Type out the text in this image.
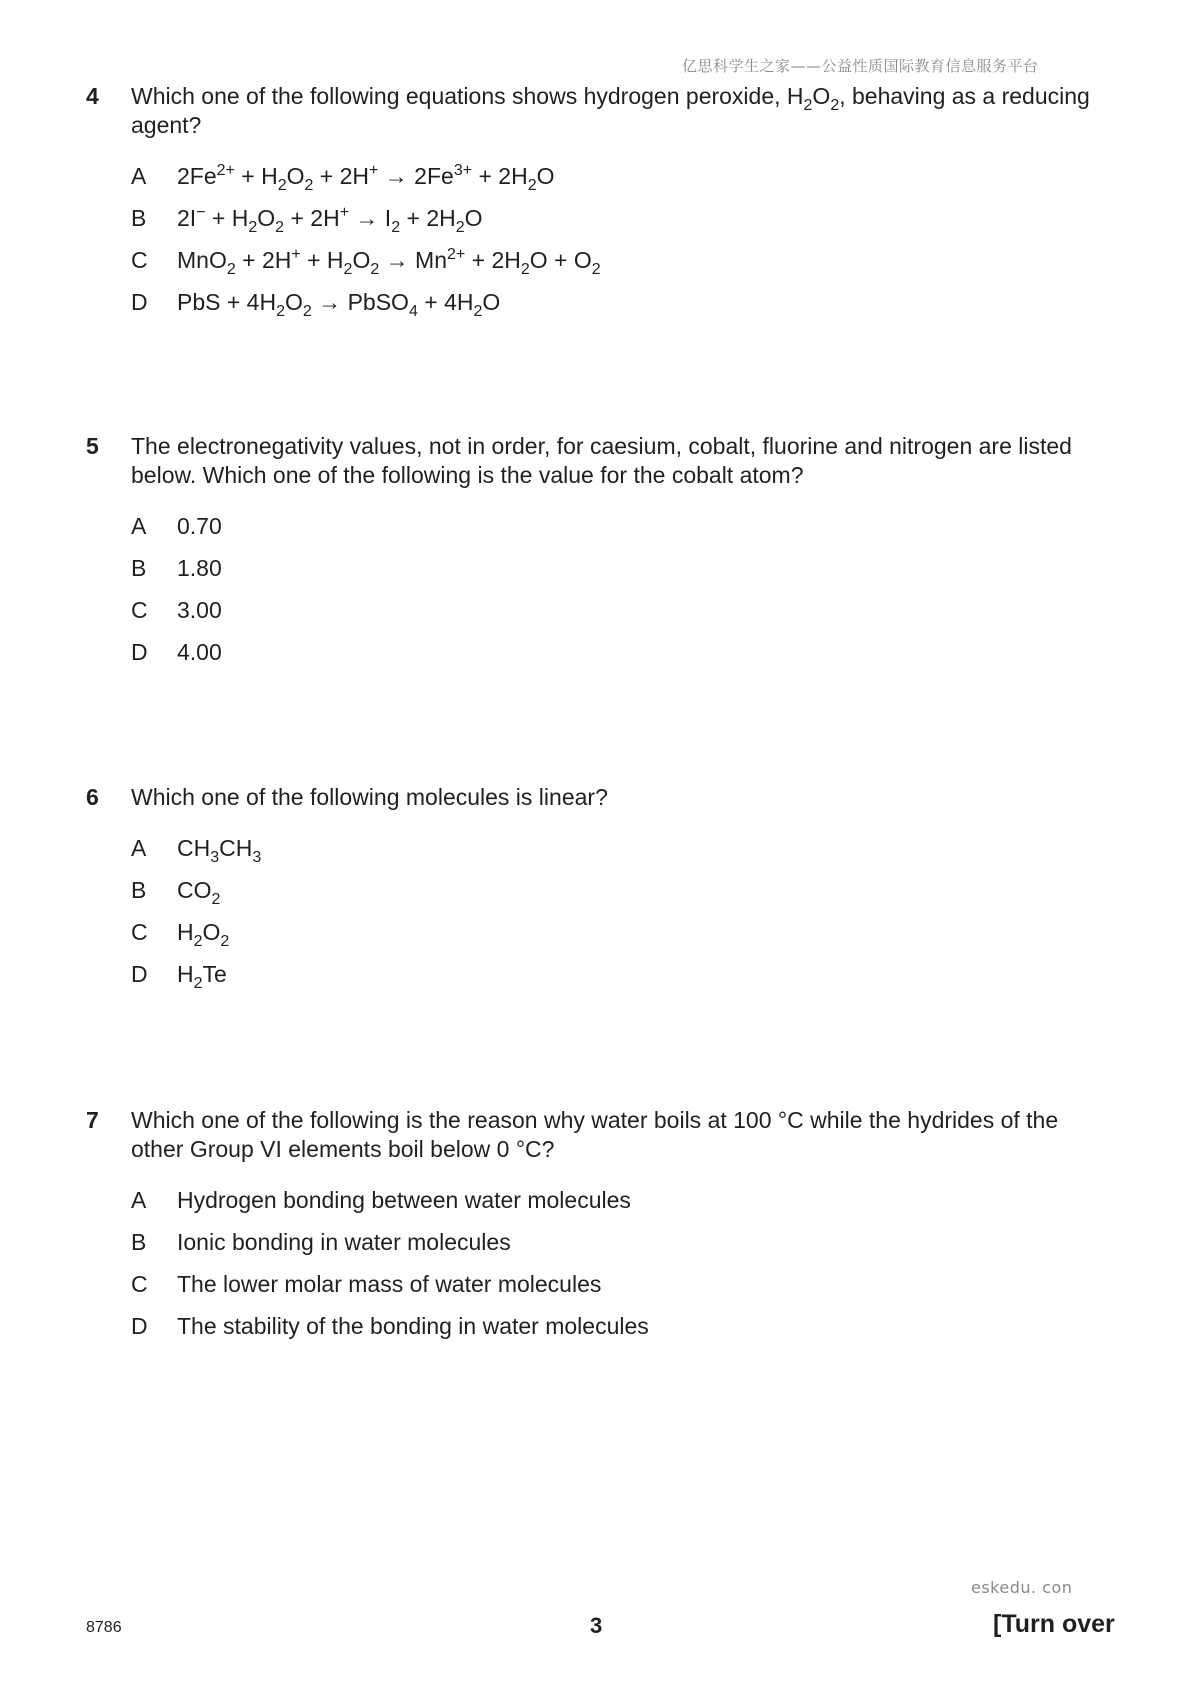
亿思科学生之家——公益性质国际教育信息服务平台
4 Which one of the following equations shows hydrogen peroxide, $H_2O_2$, behaving as a reducing agent?
A $2Fe^{2+} + H_2O_2 + 2H^+ \to 2Fe^{3+} + 2H_2O$
B $2I^- + H_2O_2 + 2H^+ \to I_2 + 2H_2O$
C $MnO_2 + 2H^+ + H_2O_2 \to Mn^{2+} + 2H_2O + O_2$
D PbS + $4H_2O_2$ → PbSO$_4$ + $4H_2O$
5 The electronegativity values, not in order, for caesium, cobalt, fluorine and nitrogen are listed below. Which one of the following is the value for the cobalt atom?
A 0.70
B 1.80
C 3.00
D 4.00
6 Which one of the following molecules is linear?
A $CH_3CH_3$
B $CO_2$
C $H_2O_2$
D $H_2Te$
7 Which one of the following is the reason why water boils at 100 °C while the hydrides of the other Group VI elements boil below 0 °C?
A Hydrogen bonding between water molecules
B Ionic bonding in water molecules
C The lower molar mass of water molecules
D The stability of the bonding in water molecules
eskedu. con
8786	3	[Turn over
